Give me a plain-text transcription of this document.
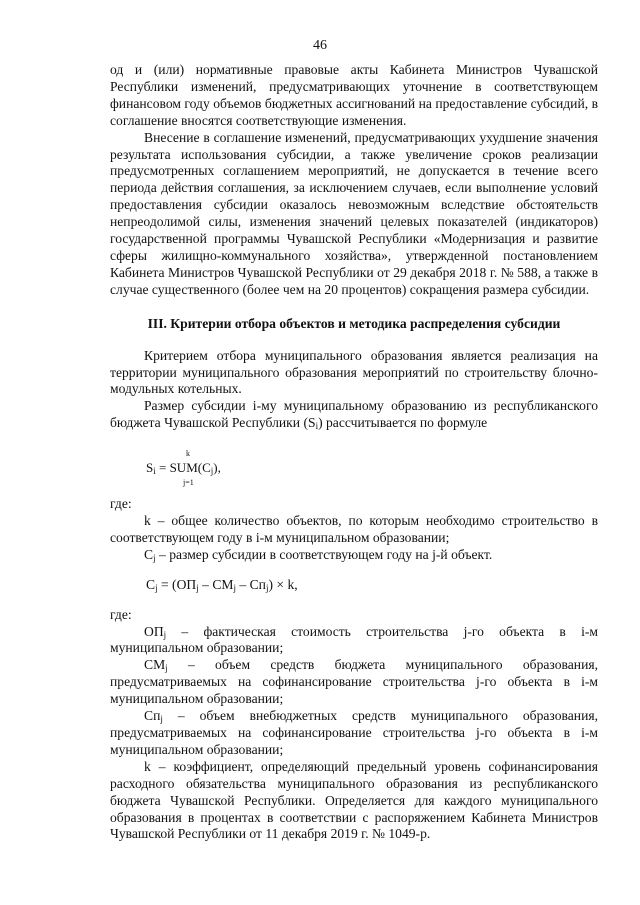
46

од и (или) нормативные правовые акты Кабинета Министров Чувашской Республики изменений, предусматривающих уточнение в соответствующем финансовом году объемов бюджетных ассигнований на предоставление субсидий, в соглашение вносятся соответствующие изменения.

Внесение в соглашение изменений, предусматривающих ухудшение значения результата использования субсидии, а также увеличение сроков реализации предусмотренных соглашением мероприятий, не допускается в течение всего периода действия соглашения, за исключением случаев, если выполнение условий предоставления субсидии оказалось невозможным вследствие обстоятельств непреодолимой силы, изменения значений целевых показателей (индикаторов) государственной программы Чувашской Республики «Модернизация и развитие сферы жилищно-коммунального хозяйства», утвержденной постановлением Кабинета Министров Чувашской Республики от 29 декабря 2018 г. № 588, а также в случае существенного (более чем на 20 процентов) сокращения размера субсидии.

III. Критерии отбора объектов и методика распределения субсидии

Критерием отбора муниципального образования является реализация на территории муниципального образования мероприятий по строительству блочно-модульных котельных.

Размер субсидии i-му муниципальному образованию из республиканского бюджета Чувашской Республики $(S_i)$ рассчитывается по формуле

k
$S_i = SUM(C_j)$,
j=1

где:

k – общее количество объектов, по которым необходимо строительство в соответствующем году в i-м муниципальном образовании;

$C_j$ – размер субсидии в соответствующем году на j-й объект.

$C_j = (ОП_j - СМ_j - Сп_j) \times k$,

где:

$ОП_j$ – фактическая стоимость строительства j-го объекта в i-м муниципальном образовании;

$СМ_j$ – объем средств бюджета муниципального образования, предусматриваемых на софинансирование строительства j-го объекта в i-м муниципальном образовании;

$Сп_j$ – объем внебюджетных средств муниципального образования, предусматриваемых на софинансирование строительства j-го объекта в i-м муниципальном образовании;

k – коэффициент, определяющий предельный уровень софинансирования расходного обязательства муниципального образования из республиканского бюджета Чувашской Республики. Определяется для каждого муниципального образования в процентах в соответствии с распоряжением Кабинета Министров Чувашской Республики от 11 декабря 2019 г. № 1049-р.
